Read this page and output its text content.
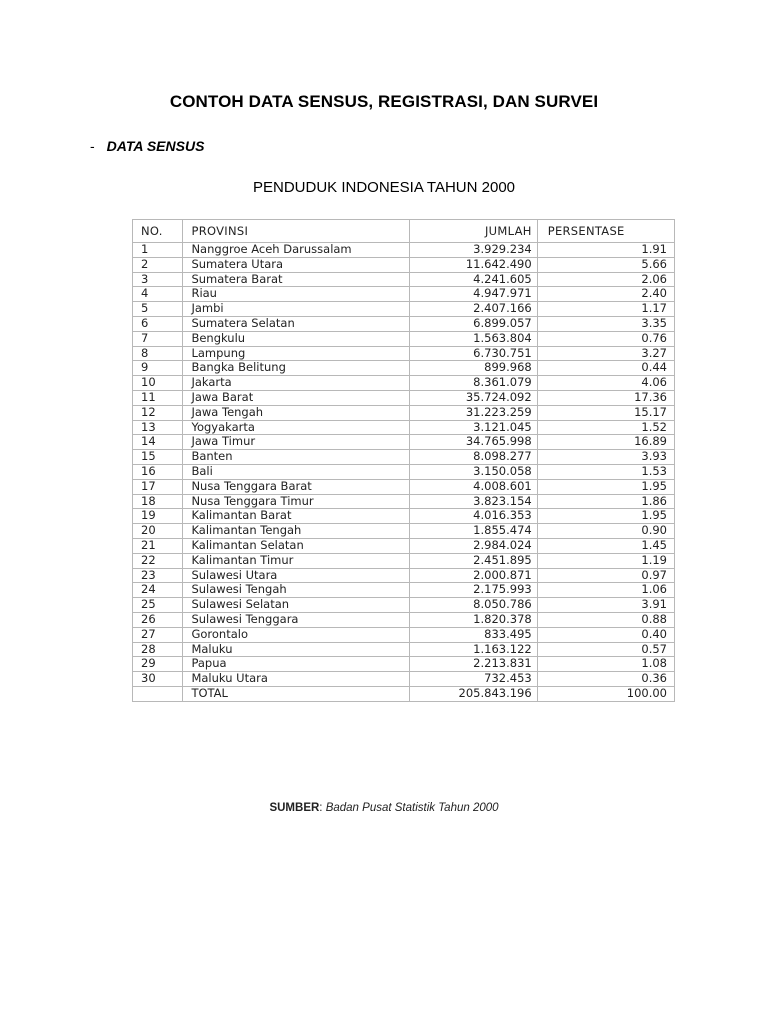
CONTOH DATA SENSUS, REGISTRASI, DAN SURVEI
- DATA SENSUS
PENDUDUK INDONESIA TAHUN 2000
NO.	PROVINSI	JUMLAH	PERSENTASE
1	Nanggroe Aceh Darussalam	3.929.234	1.91
2	Sumatera Utara	11.642.490	5.66
3	Sumatera Barat	4.241.605	2.06
4	Riau	4.947.971	2.40
5	Jambi	2.407.166	1.17
6	Sumatera Selatan	6.899.057	3.35
7	Bengkulu	1.563.804	0.76
8	Lampung	6.730.751	3.27
9	Bangka Belitung	899.968	0.44
10	Jakarta	8.361.079	4.06
11	Jawa Barat	35.724.092	17.36
12	Jawa Tengah	31.223.259	15.17
13	Yogyakarta	3.121.045	1.52
14	Jawa Timur	34.765.998	16.89
15	Banten	8.098.277	3.93
16	Bali	3.150.058	1.53
17	Nusa Tenggara Barat	4.008.601	1.95
18	Nusa Tenggara Timur	3.823.154	1.86
19	Kalimantan Barat	4.016.353	1.95
20	Kalimantan Tengah	1.855.474	0.90
21	Kalimantan Selatan	2.984.024	1.45
22	Kalimantan Timur	2.451.895	1.19
23	Sulawesi Utara	2.000.871	0.97
24	Sulawesi Tengah	2.175.993	1.06
25	Sulawesi Selatan	8.050.786	3.91
26	Sulawesi Tenggara	1.820.378	0.88
27	Gorontalo	833.495	0.40
28	Maluku	1.163.122	0.57
29	Papua	2.213.831	1.08
30	Maluku Utara	732.453	0.36
	TOTAL	205.843.196	100.00
SUMBER: Badan Pusat Statistik Tahun 2000
